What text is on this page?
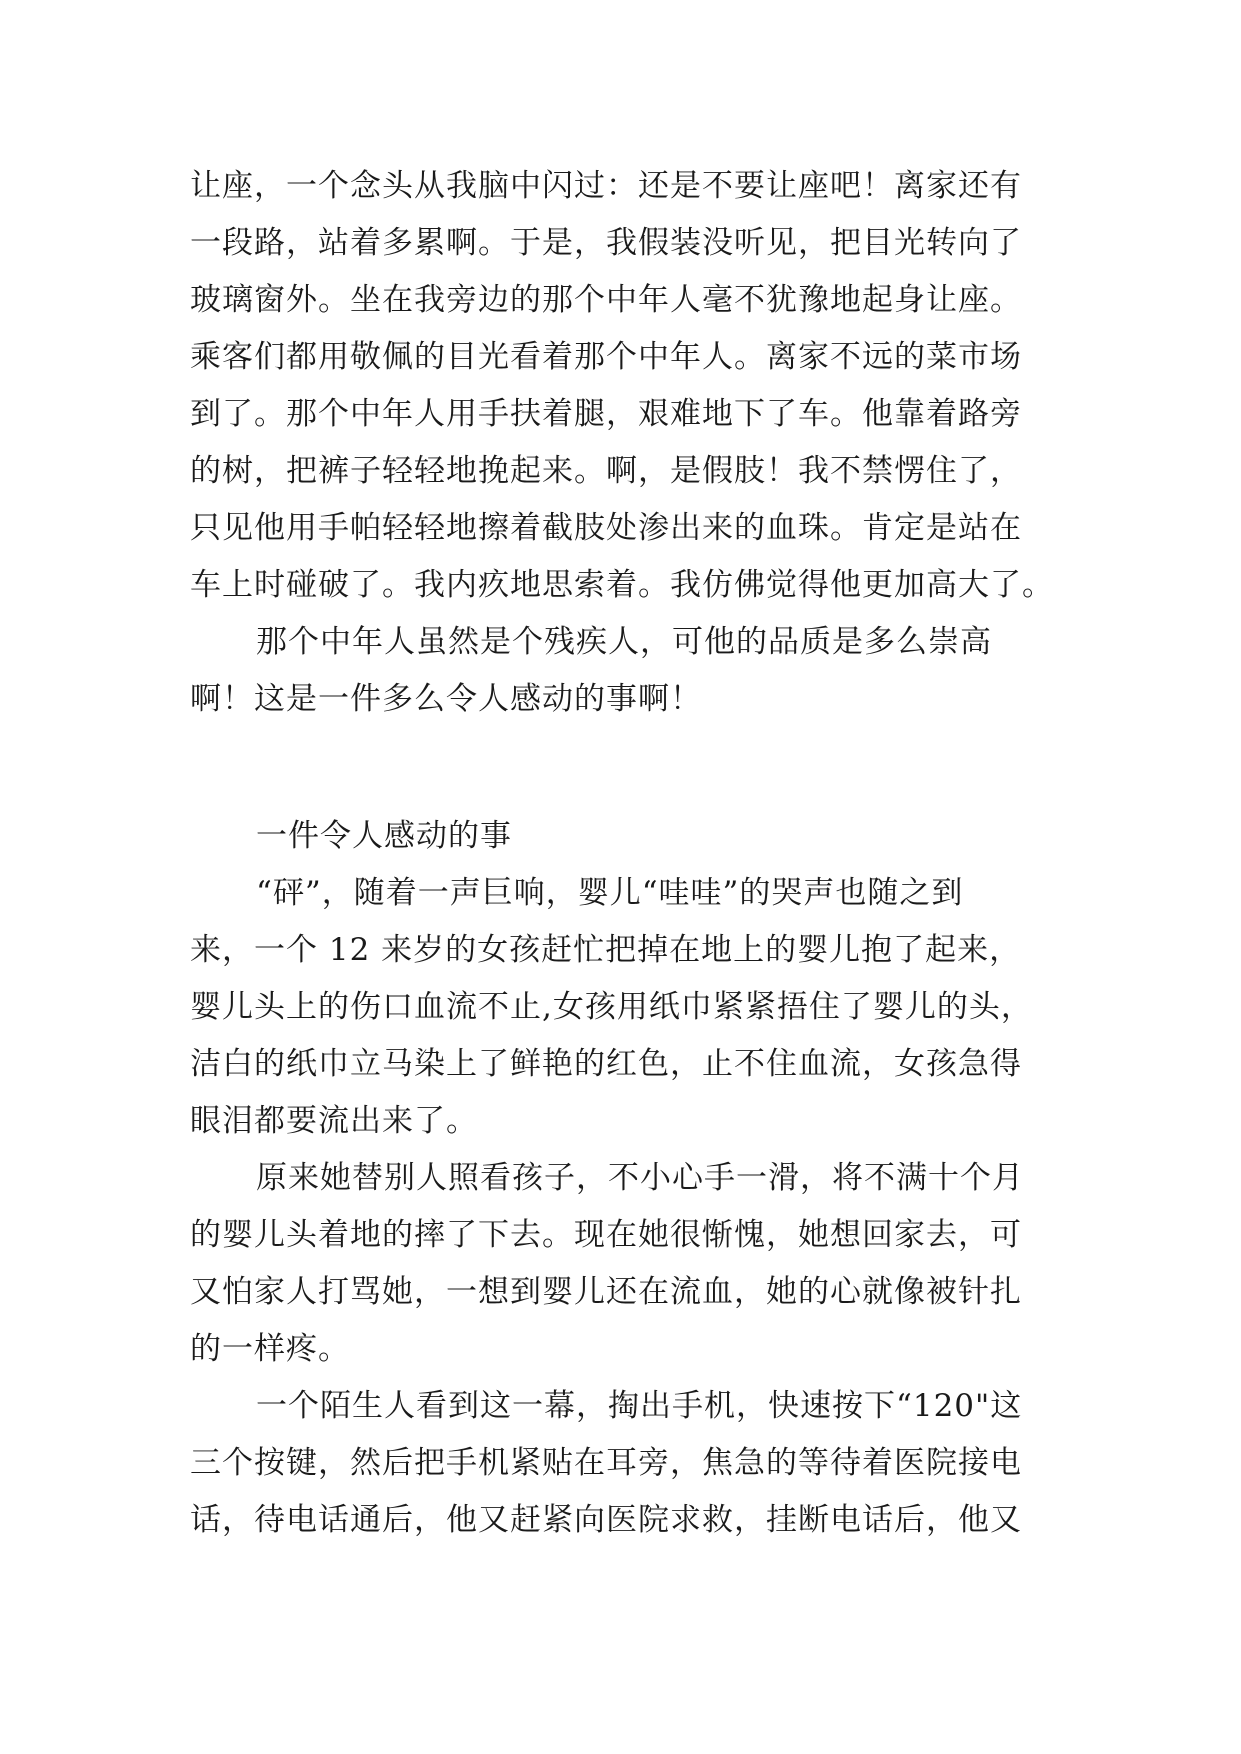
让座，一个念头从我脑中闪过：还是不要让座吧！离家还有
一段路，站着多累啊。于是，我假装没听见，把目光转向了
玻璃窗外。坐在我旁边的那个中年人毫不犹豫地起身让座。
乘客们都用敬佩的目光看着那个中年人。离家不远的菜市场
到了。那个中年人用手扶着腿，艰难地下了车。他靠着路旁
的树，把裤子轻轻地挽起来。啊，是假肢！我不禁愣住了，
只见他用手帕轻轻地擦着截肢处渗出来的血珠。肯定是站在
车上时碰破了。我内疚地思索着。我仿佛觉得他更加高大了。
那个中年人虽然是个残疾人，可他的品质是多么崇高
啊！这是一件多么令人感动的事啊！
一件令人感动的事
“砰”，随着一声巨响，婴儿“哇哇”的哭声也随之到
来，一个 12 来岁的女孩赶忙把掉在地上的婴儿抱了起来，
婴儿头上的伤口血流不止,女孩用纸巾紧紧捂住了婴儿的头，
洁白的纸巾立马染上了鲜艳的红色，止不住血流，女孩急得
眼泪都要流出来了。
原来她替别人照看孩子，不小心手一滑，将不满十个月
的婴儿头着地的摔了下去。现在她很惭愧，她想回家去，可
又怕家人打骂她，一想到婴儿还在流血，她的心就像被针扎
的一样疼。
一个陌生人看到这一幕，掏出手机，快速按下“120"这
三个按键，然后把手机紧贴在耳旁，焦急的等待着医院接电
话，待电话通后，他又赶紧向医院求救，挂断电话后，他又
